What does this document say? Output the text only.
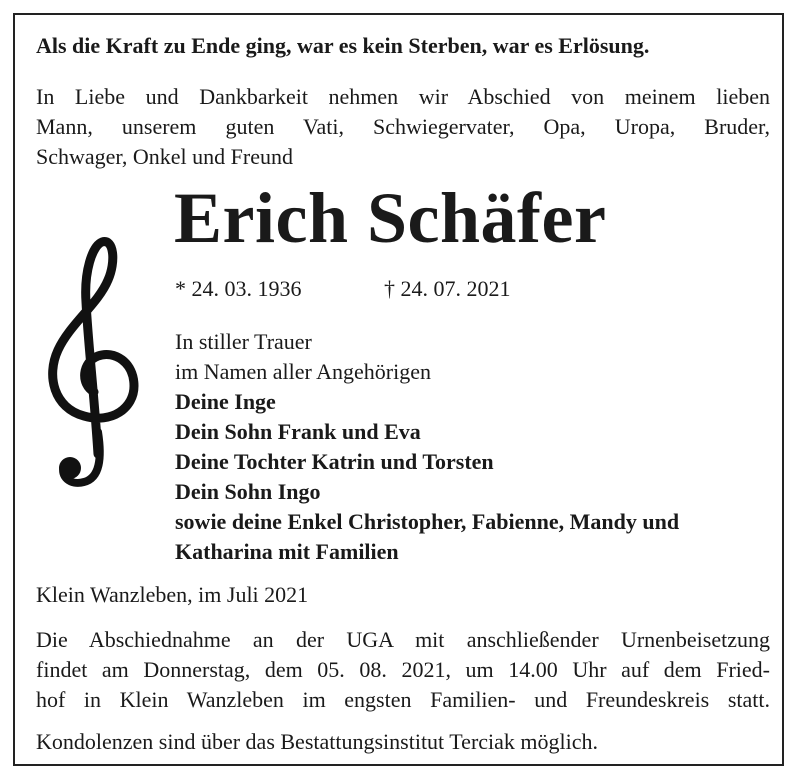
Als die Kraft zu Ende ging, war es kein Sterben, war es Erlösung.
In Liebe und Dankbarkeit nehmen wir Abschied von meinem lieben
Mann, unserem guten Vati, Schwiegervater, Opa, Uropa, Bruder,
Schwager, Onkel und Freund
Erich Schäfer
* 24. 03. 1936	† 24. 07. 2021
In stiller Trauer
im Namen aller Angehörigen
Deine Inge
Dein Sohn Frank und Eva
Deine Tochter Katrin und Torsten
Dein Sohn Ingo
sowie deine Enkel Christopher, Fabienne, Mandy und
Katharina mit Familien
Klein Wanzleben, im Juli 2021
Die Abschiednahme an der UGA mit anschließender Urnenbeisetzung
findet am Donnerstag, dem 05. 08. 2021, um 14.00 Uhr auf dem Fried-
hof in Klein Wanzleben im engsten Familien- und Freundeskreis statt.
Kondolenzen sind über das Bestattungsinstitut Terciak möglich.
